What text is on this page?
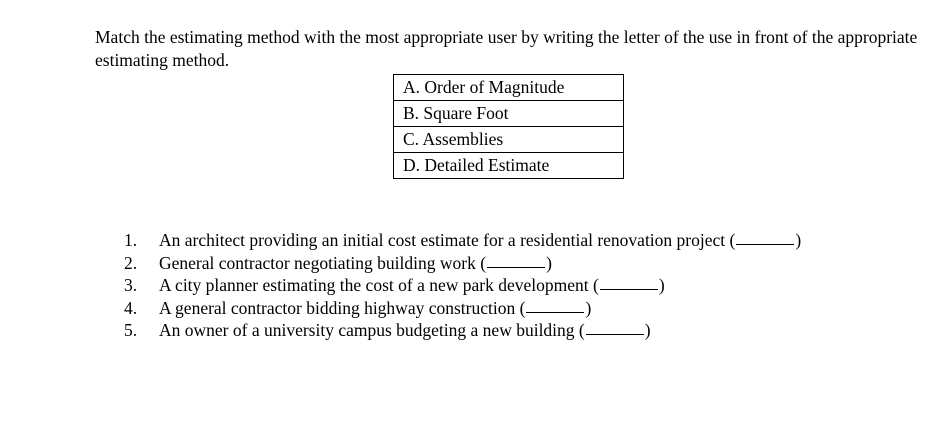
Match the estimating method with the most appropriate user by writing the letter of the use in front of the appropriate estimating method.

A. Order of Magnitude
B. Square Foot
C. Assemblies
D. Detailed Estimate
1.	An architect providing an initial cost estimate for a residential renovation project
(	)
2.	General contractor negotiating building work
(	)
3.	A city planner estimating the cost of a new park development
(	)
4.	A general contractor bidding highway construction
(	)
5.	An owner of a university campus budgeting a new building
(	)
